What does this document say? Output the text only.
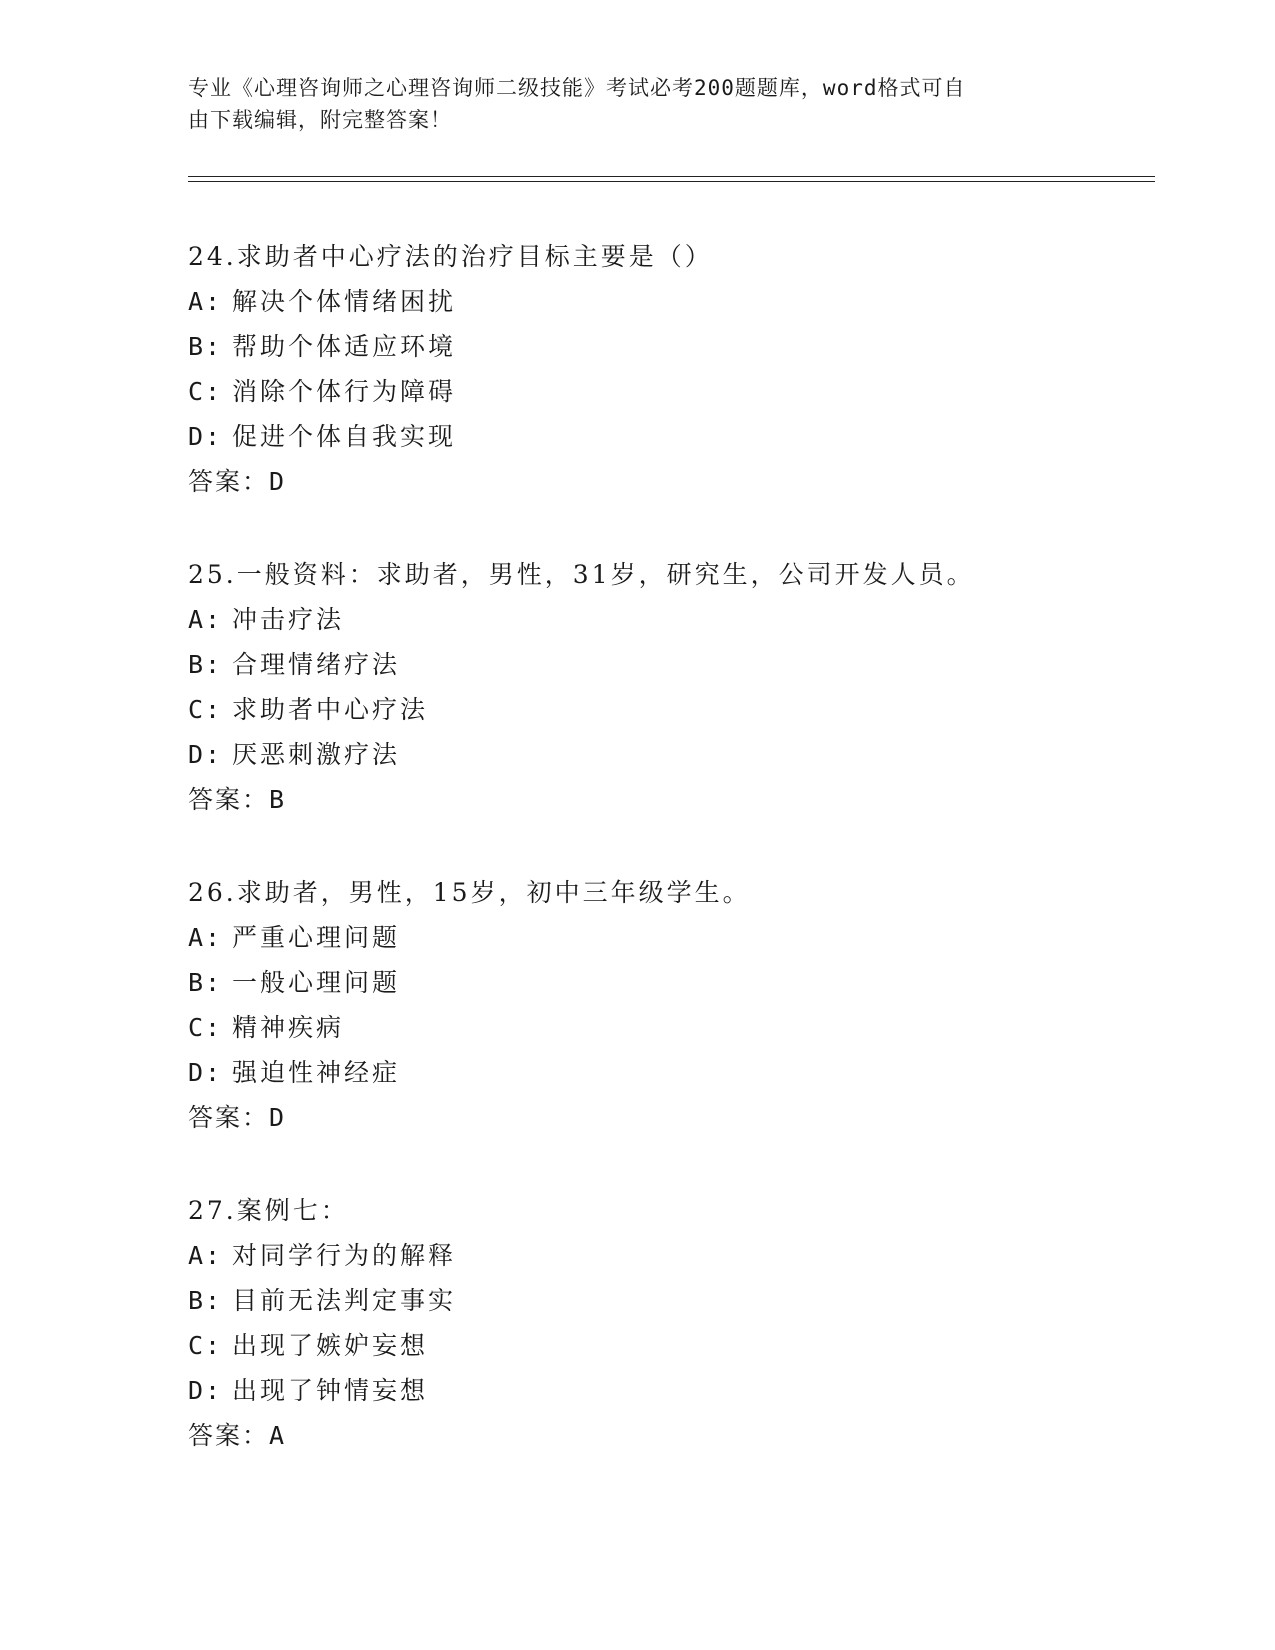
专业《心理咨询师之心理咨询师二级技能》考试必考200题题库，word格式可自
由下载编辑，附完整答案！
24.求助者中心疗法的治疗目标主要是（）
A: 解决个体情绪困扰
B: 帮助个体适应环境
C: 消除个体行为障碍
D: 促进个体自我实现
答案：D
25.一般资料：求助者，男性，31岁，研究生，公司开发人员。
A: 冲击疗法
B: 合理情绪疗法
C: 求助者中心疗法
D: 厌恶刺激疗法
答案：B
26.求助者，男性，15岁，初中三年级学生。
A: 严重心理问题
B: 一般心理问题
C: 精神疾病
D: 强迫性神经症
答案：D
27.案例七：
A: 对同学行为的解释
B: 目前无法判定事实
C: 出现了嫉妒妄想
D: 出现了钟情妄想
答案：A
